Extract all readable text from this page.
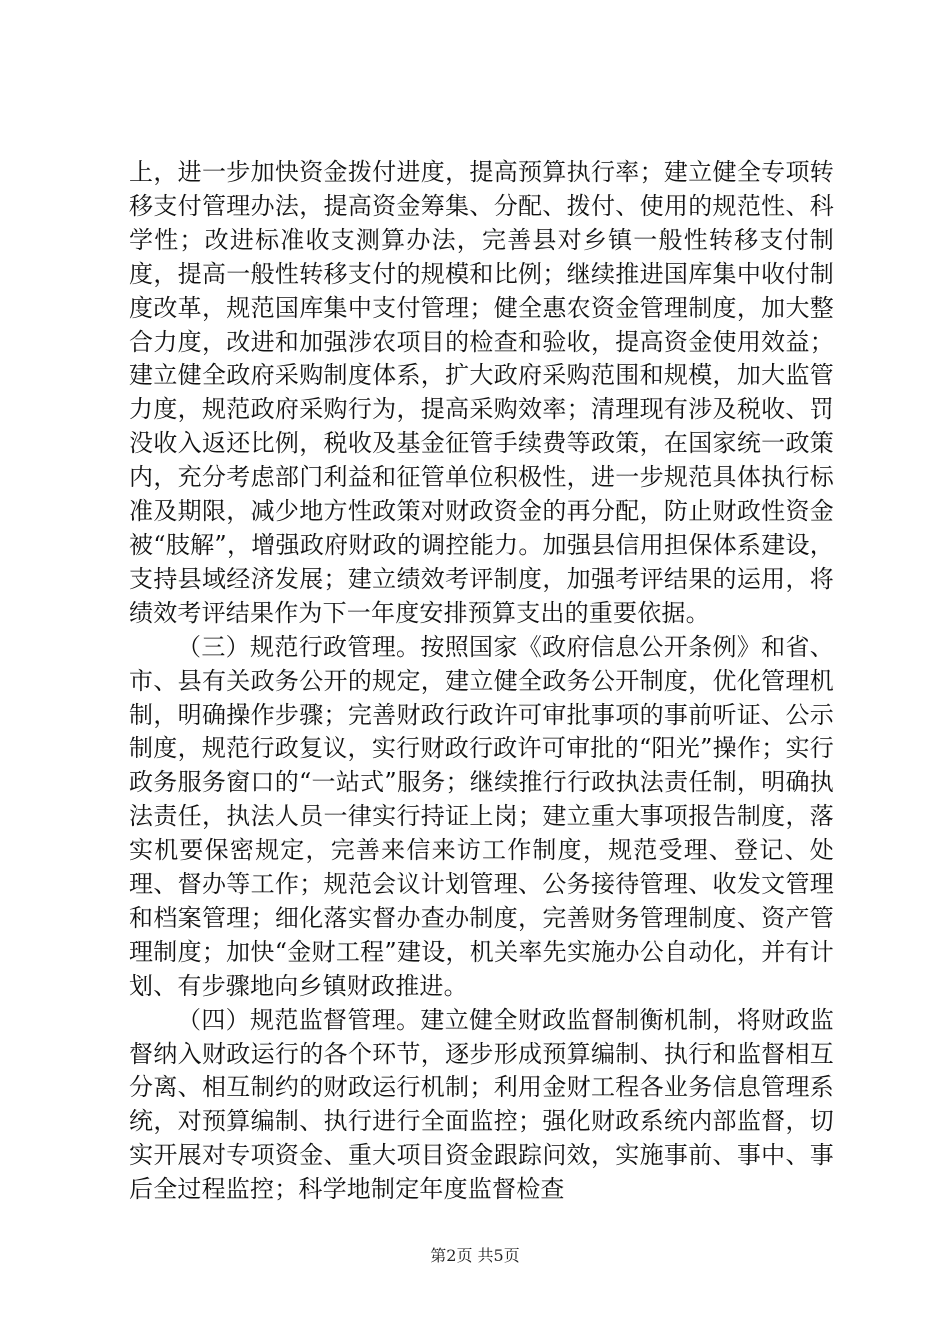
上，进一步加快资金拨付进度，提高预算执行率；建立健全专项转移支付管理办法，提高资金筹集、分配、拨付、使用的规范性、科学性；改进标准收支测算办法，完善县对乡镇一般性转移支付制度，提高一般性转移支付的规模和比例；继续推进国库集中收付制度改革，规范国库集中支付管理；健全惠农资金管理制度，加大整合力度，改进和加强涉农项目的检查和验收，提高资金使用效益；建立健全政府采购制度体系，扩大政府采购范围和规模，加大监管力度，规范政府采购行为，提高采购效率；清理现有涉及税收、罚没收入返还比例，税收及基金征管手续费等政策，在国家统一政策内，充分考虑部门利益和征管单位积极性，进一步规范具体执行标准及期限，减少地方性政策对财政资金的再分配，防止财政性资金被“肢解”，增强政府财政的调控能力。加强县信用担保体系建设，支持县域经济发展；建立绩效考评制度，加强考评结果的运用，将绩效考评结果作为下一年度安排预算支出的重要依据。

（三）规范行政管理。按照国家《政府信息公开条例》和省、市、县有关政务公开的规定，建立健全政务公开制度，优化管理机制，明确操作步骤；完善财政行政许可审批事项的事前听证、公示制度，规范行政复议，实行财政行政许可审批的“阳光”操作；实行政务服务窗口的“一站式”服务；继续推行行政执法责任制，明确执法责任，执法人员一律实行持证上岗；建立重大事项报告制度，落实机要保密规定，完善来信来访工作制度，规范受理、登记、处理、督办等工作；规范会议计划管理、公务接待管理、收发文管理和档案管理；细化落实督办查办制度，完善财务管理制度、资产管理制度；加快“金财工程”建设，机关率先实施办公自动化，并有计划、有步骤地向乡镇财政推进。

（四）规范监督管理。建立健全财政监督制衡机制，将财政监督纳入财政运行的各个环节，逐步形成预算编制、执行和监督相互分离、相互制约的财政运行机制；利用金财工程各业务信息管理系统，对预算编制、执行进行全面监控；强化财政系统内部监督，切实开展对专项资金、重大项目资金跟踪问效，实施事前、事中、事后全过程监控；科学地制定年度监督检查

第2页 共5页
